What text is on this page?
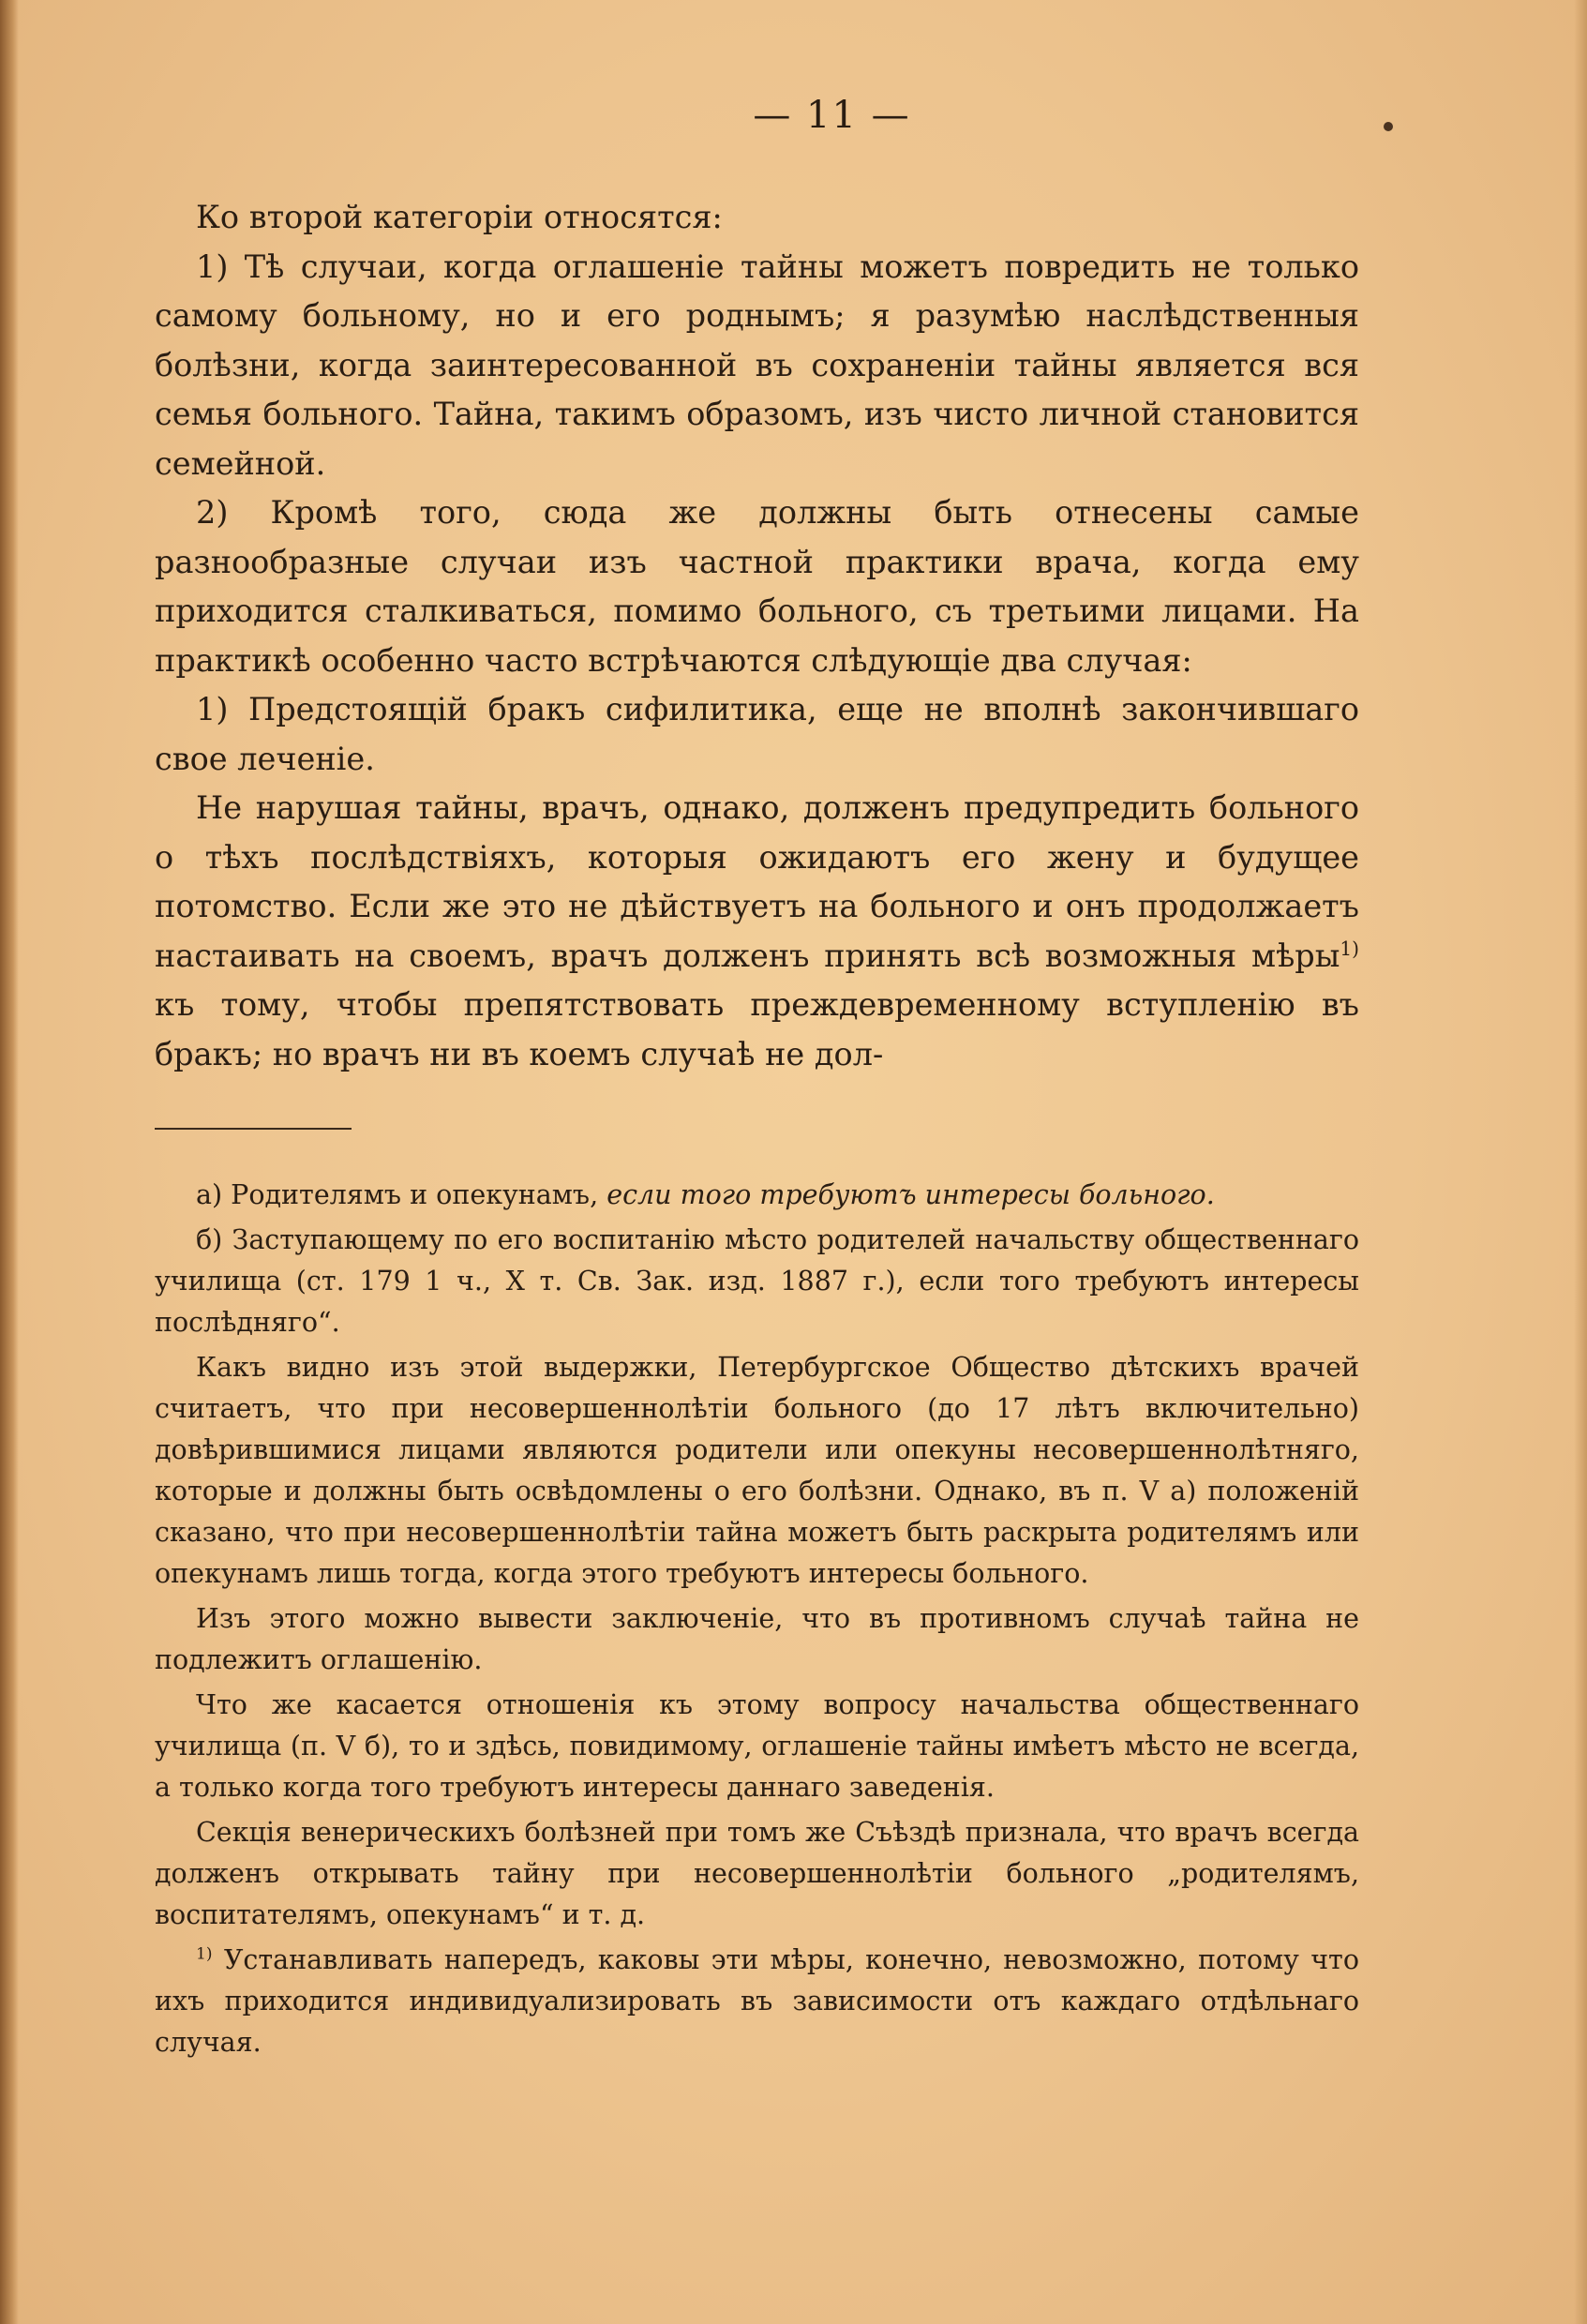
— 11 —

Ко второй категоріи относятся:

1) Тѣ случаи, когда оглашеніе тайны можетъ повредить не только самому больному, но и его роднымъ; я разумѣю наслѣдственныя болѣзни, когда заинтересованной въ сохраненіи тайны является вся семья больного. Тайна, такимъ образомъ, изъ чисто личной становится семейной.

2) Кромѣ того, сюда же должны быть отнесены самые разнообразные случаи изъ частной практики врача, когда ему приходится сталкиваться, помимо больного, съ третьими лицами. На практикѣ особенно часто встрѣчаются слѣдующіе два случая:

1) Предстоящій бракъ сифилитика, еще не вполнѣ закончившаго свое леченіе.

Не нарушая тайны, врачъ, однако, долженъ предупредить больного о тѣхъ послѣдствіяхъ, которыя ожидаютъ его жену и будущее потомство. Если же это не дѣйствуетъ на больного и онъ продолжаетъ настаивать на своемъ, врачъ долженъ принять всѣ возможныя мѣры$^{1)}$ къ тому, чтобы препятствовать преждевременному вступленію въ бракъ; но врачъ ни въ коемъ случаѣ не дол-

а) Родителямъ и опекунамъ, если того требуютъ интересы больного.

б) Заступающему по его воспитанію мѣсто родителей начальству общественнаго училища (ст. 179 1 ч., X т. Св. Зак. изд. 1887 г.), если того требуютъ интересы послѣдняго“.

Какъ видно изъ этой выдержки, Петербургское Общество дѣтскихъ врачей считаетъ, что при несовершеннолѣтіи больного (до 17 лѣтъ включительно) довѣрившимися лицами являются родители или опекуны несовершеннолѣтняго, которые и должны быть освѣдомлены о его болѣзни. Однако, въ п. V а) положеній сказано, что при несовершеннолѣтіи тайна можетъ быть раскрыта родителямъ или опекунамъ лишь тогда, когда этого требуютъ интересы больного.

Изъ этого можно вывести заключеніе, что въ противномъ случаѣ тайна не подлежитъ оглашенію.

Что же касается отношенія къ этому вопросу начальства общественнаго училища (п. V б), то и здѣсь, повидимому, оглашеніе тайны имѣетъ мѣсто не всегда, а только когда того требуютъ интересы даннаго заведенія.

Секція венерическихъ болѣзней при томъ же Съѣздѣ признала, что врачъ всегда долженъ открывать тайну при несовершеннолѣтіи больного „родителямъ, воспитателямъ, опекунамъ“ и т. д.

$^{1)}$ Устанавливать напередъ, каковы эти мѣры, конечно, невозможно, потому что ихъ приходится индивидуализировать въ зависимости отъ каждаго отдѣльнаго случая.
